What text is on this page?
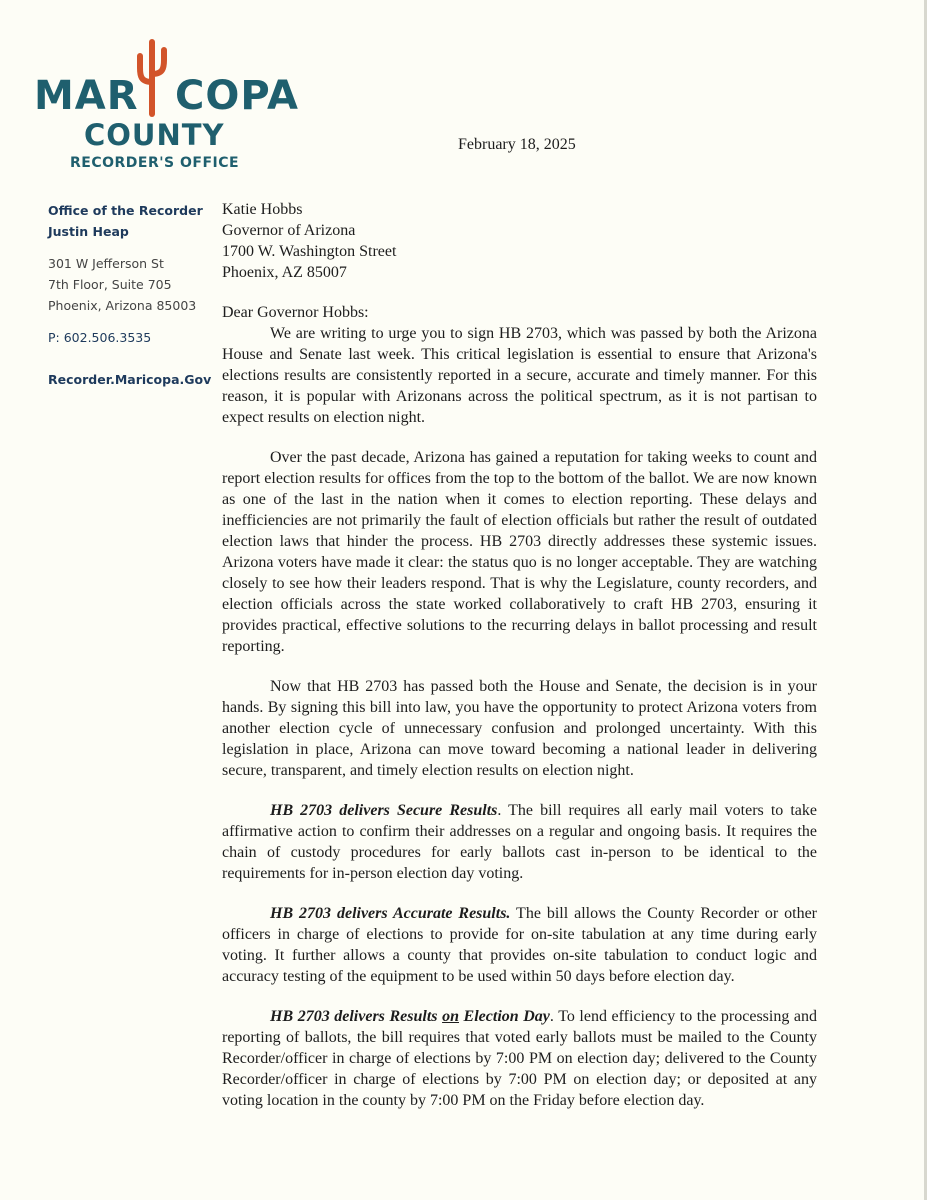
MAR COPA
COUNTY
RECORDER'S OFFICE
February 18, 2025
Office of the Recorder
Justin Heap
301 W Jefferson St
7th Floor, Suite 705
Phoenix, Arizona 85003
P: 602.506.3535
Recorder.Maricopa.Gov
Katie Hobbs
Governor of Arizona
1700 W. Washington Street
Phoenix, AZ 85007

Dear Governor Hobbs:

We are writing to urge you to sign HB 2703, which was passed by both the Arizona House and Senate last week. This critical legislation is essential to ensure that Arizona's elections results are consistently reported in a secure, accurate and timely manner. For this reason, it is popular with Arizonans across the political spectrum, as it is not partisan to expect results on election night.

Over the past decade, Arizona has gained a reputation for taking weeks to count and report election results for offices from the top to the bottom of the ballot. We are now known as one of the last in the nation when it comes to election reporting. These delays and inefficiencies are not primarily the fault of election officials but rather the result of outdated election laws that hinder the process. HB 2703 directly addresses these systemic issues. Arizona voters have made it clear: the status quo is no longer acceptable. They are watching closely to see how their leaders respond. That is why the Legislature, county recorders, and election officials across the state worked collaboratively to craft HB 2703, ensuring it provides practical, effective solutions to the recurring delays in ballot processing and result reporting.

Now that HB 2703 has passed both the House and Senate, the decision is in your hands. By signing this bill into law, you have the opportunity to protect Arizona voters from another election cycle of unnecessary confusion and prolonged uncertainty. With this legislation in place, Arizona can move toward becoming a national leader in delivering secure, transparent, and timely election results on election night.

HB 2703 delivers Secure Results. The bill requires all early mail voters to take affirmative action to confirm their addresses on a regular and ongoing basis. It requires the chain of custody procedures for early ballots cast in-person to be identical to the requirements for in-person election day voting.

HB 2703 delivers Accurate Results. The bill allows the County Recorder or other officers in charge of elections to provide for on-site tabulation at any time during early voting. It further allows a county that provides on-site tabulation to conduct logic and accuracy testing of the equipment to be used within 50 days before election day.

HB 2703 delivers Results on Election Day. To lend efficiency to the processing and reporting of ballots, the bill requires that voted early ballots must be mailed to the County Recorder/officer in charge of elections by 7:00 PM on election day; delivered to the County Recorder/officer in charge of elections by 7:00 PM on election day; or deposited at any voting location in the county by 7:00 PM on the Friday before election day.
